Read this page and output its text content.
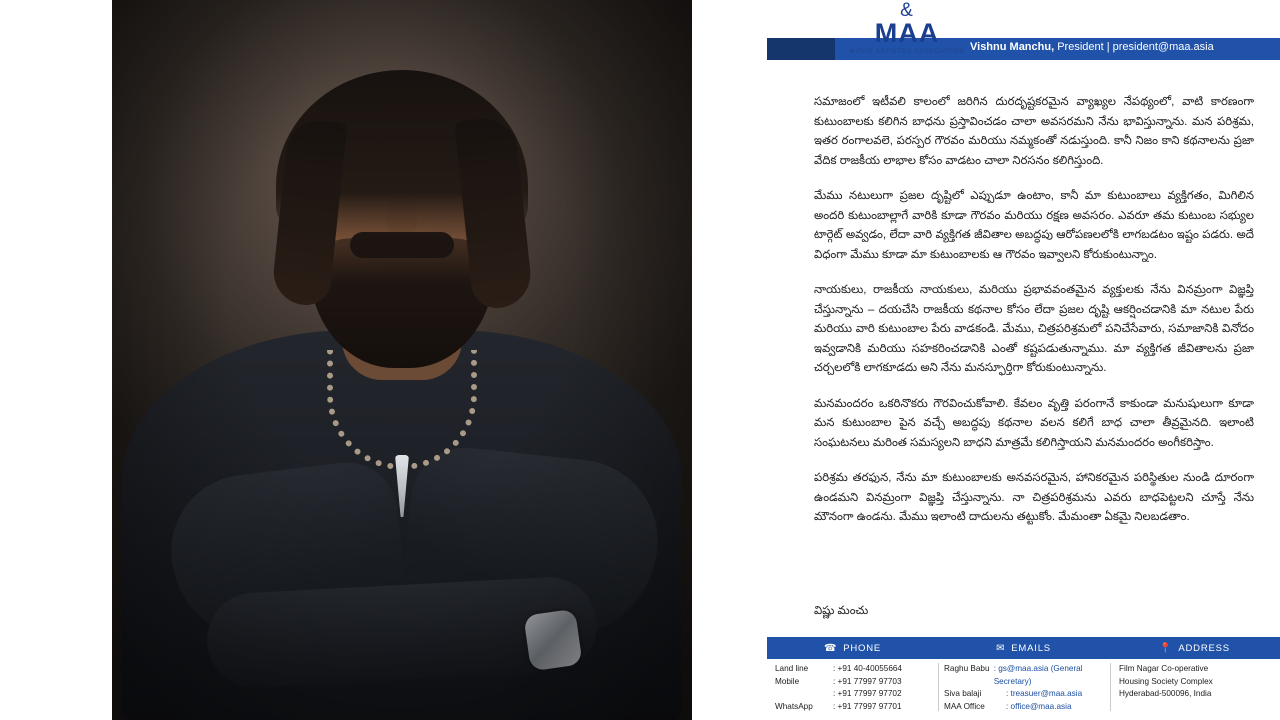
&
MAA
MOVIE ARTISTES ASSOCIATION Vishnu Manchu, President | president@maa.asia

సమాజంలో ఇటీవలి కాలంలో జరిగిన దురదృష్టకరమైన వ్యాఖ్యల నేపథ్యంలో, వాటి కారణంగా కుటుంబాలకు కలిగిన బాధను ప్రస్తావించడం చాలా అవసరమని నేను భావిస్తున్నాను. మన పరిశ్రమ, ఇతర రంగాలవలె, పరస్పర గౌరవం మరియు నమ్మకంతో నడుస్తుంది. కానీ నిజం కాని కథనాలను ప్రజా వేదిక రాజకీయ లాభాల కోసం వాడటం చాలా నిరసనం కలిగిస్తుంది.

మేము నటులుగా ప్రజల దృష్టిలో ఎప్పుడూ ఉంటాం, కానీ మా కుటుంబాలు వ్యక్తిగతం, మిగిలిన అందరి కుటుంబాల్లాగే వారికి కూడా గౌరవం మరియు రక్షణ అవసరం. ఎవరూ తమ కుటుంబ సభ్యుల టార్గెట్ అవ్వడం, లేదా వారి వ్యక్తిగత జీవితాల అబద్ధపు ఆరోపణలలోకి లాగబడటం ఇష్టం పడరు. అదే విధంగా మేము కూడా మా కుటుంబాలకు ఆ గౌరవం ఇవ్వాలని కోరుకుంటున్నాం.

నాయకులు, రాజకీయ నాయకులు, మరియు ప్రభావవంతమైన వ్యక్తులకు నేను వినమ్రంగా విజ్ఞప్తి చేస్తున్నాను – దయచేసి రాజకీయ కథనాల కోసం లేదా ప్రజల దృష్టి ఆకర్షించడానికి మా నటుల పేరు మరియు వారి కుటుంబాల పేరు వాడకండి. మేము, చిత్రపరిశ్రమలో పనిచేసేవారు, సమాజానికి వినోదం ఇవ్వడానికి మరియు సహకరించడానికి ఎంతో కష్టపడుతున్నాము. మా వ్యక్తిగత జీవితాలను ప్రజా చర్చలలోకి లాగకూడదు అని నేను మనస్ఫూర్తిగా కోరుకుంటున్నాను.

మనమందరం ఒకరినొకరు గౌరవించుకోవాలి. కేవలం వృత్తి పరంగానే కాకుండా మనుషులుగా కూడా మన కుటుంబాల పైన వచ్చే అబద్ధపు కథనాల వలన కలిగే బాధ చాలా తీవ్రమైనది. ఇలాంటి సంఘటనలు మరింత సమస్యలని బాధని మాత్రమే కలిగిస్తాయని మనమందరం అంగీకరిస్తాం.

పరిశ్రమ తరఫున, నేను మా కుటుంబాలకు అనవసరమైన, హానికరమైన పరిస్థితుల నుండి దూరంగా ఉండమని వినమ్రంగా విజ్ఞప్తి చేస్తున్నాను. నా చిత్రపరిశ్రమను ఎవరు బాధపెట్టలని చూస్తే నేను మౌనంగా ఉండను. మేము ఇలాంటి దాదులను తట్టుకోం. మేమంతా ఏకమై నిలబడతాం.

విష్ణు మంచు
☎ PHONE	✉ EMAILS	📍 ADDRESS
Land line	: +91 40-40055664
Mobile	: +91 77997 97703
: +91 77997 97702
WhatsApp	: +91 77997 97701
Raghu Babu : gs@maa.asia (General Secretary)
Siva balaji	: treasuer@maa.asia
MAA Office	: office@maa.asia
Film Nagar Co-operative
Housing Society Complex
Hyderabad-500096, India
